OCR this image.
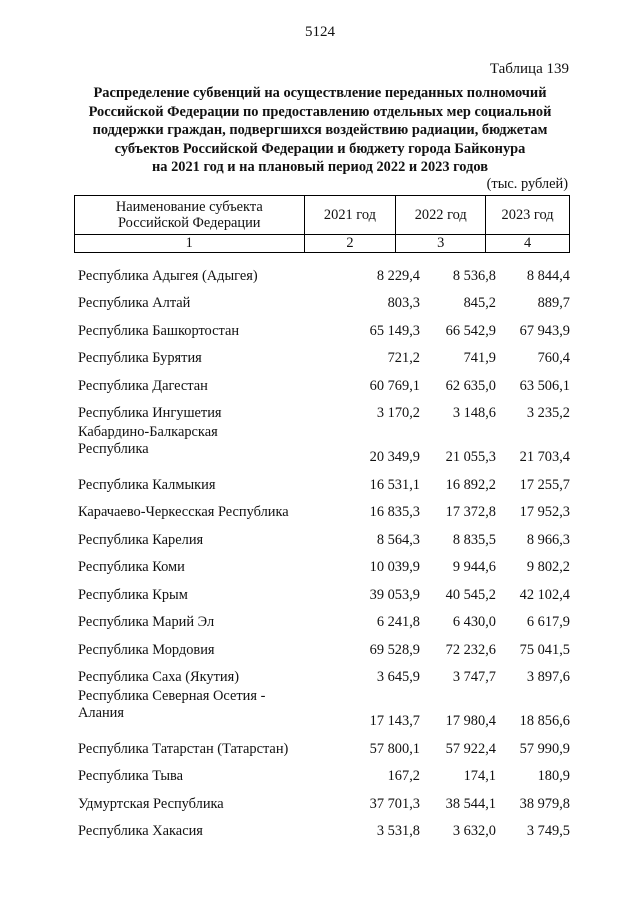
5124
Таблица 139
Распределение субвенций на осуществление переданных полномочий
Российской Федерации по предоставлению отдельных мер социальной
поддержки граждан, подвергшихся воздействию радиации, бюджетам
субъектов Российской Федерации и бюджету города Байконура
на 2021 год и на плановый период 2022 и 2023 годов
(тыс. рублей)
Наименование субъекта
Российской Федерации	2021 год	2022 год	2023 год
1	2	3	4
Республика Адыгея (Адыгея)	8 229,4	8 536,8	8 844,4
Республика Алтай	803,3	845,2	889,7
Республика Башкортостан	65 149,3	66 542,9	67 943,9
Республика Бурятия	721,2	741,9	760,4
Республика Дагестан	60 769,1	62 635,0	63 506,1
Республика Ингушетия	3 170,2	3 148,6	3 235,2
Кабардино-Балкарская
Республика
20 349,9	21 055,3	21 703,4
Республика Калмыкия	16 531,1	16 892,2	17 255,7
Карачаево-Черкесская Республика	16 835,3	17 372,8	17 952,3
Республика Карелия	8 564,3	8 835,5	8 966,3
Республика Коми	10 039,9	9 944,6	9 802,2
Республика Крым	39 053,9	40 545,2	42 102,4
Республика Марий Эл	6 241,8	6 430,0	6 617,9
Республика Мордовия	69 528,9	72 232,6	75 041,5
Республика Саха (Якутия)	3 645,9	3 747,7	3 897,6
Республика Северная Осетия -
Алания
17 143,7	17 980,4	18 856,6
Республика Татарстан (Татарстан)	57 800,1	57 922,4	57 990,9
Республика Тыва	167,2	174,1	180,9
Удмуртская Республика	37 701,3	38 544,1	38 979,8
Республика Хакасия	3 531,8	3 632,0	3 749,5
